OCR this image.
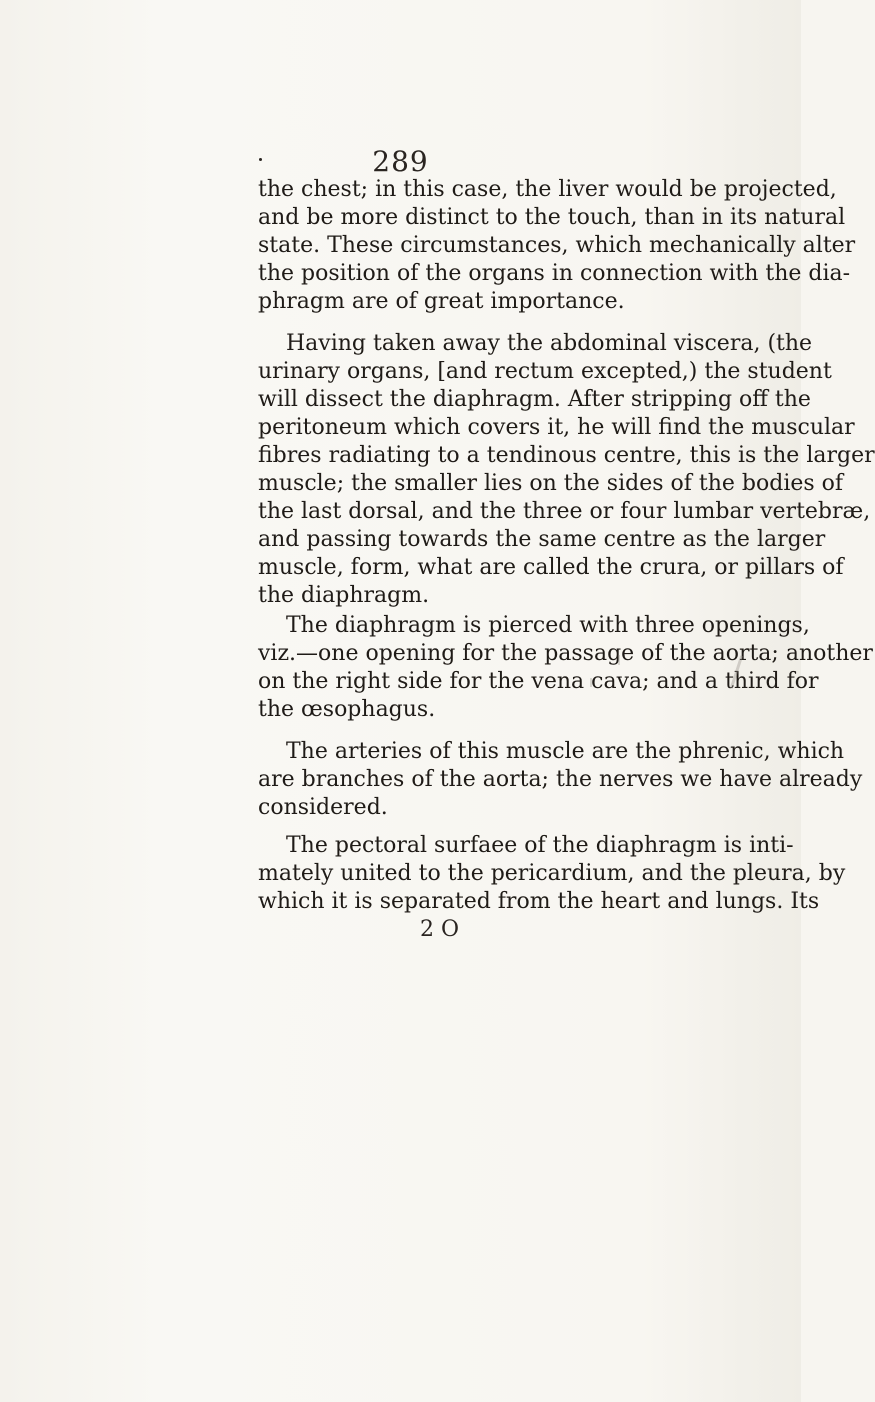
289
the chest; in this case, the liver would be projected,
and be more distinct to the touch, than in its natural
state. These circumstances, which mechanically alter
the position of the organs in connection with the dia-
phragm are of great importance.
Having taken away the abdominal viscera, (the
urinary organs, [and rectum excepted,) the student
will dissect the diaphragm. After stripping off the
peritoneum which covers it, he will find the muscular
fibres radiating to a tendinous centre, this is the larger
muscle; the smaller lies on the sides of the bodies of
the last dorsal, and the three or four lumbar vertebræ,
and passing towards the same centre as the larger
muscle, form, what are called the crura, or pillars of
the diaphragm.
The diaphragm is pierced with three openings,
viz.—one opening for the passage of the aorta; another
on the right side for the vena cava; and a third for
the œsophagus.
The arteries of this muscle are the phrenic, which
are branches of the aorta; the nerves we have already
considered.
The pectoral surfaee of the diaphragm is inti-
mately united to the pericardium, and the pleura, by
which it is separated from the heart and lungs. Its
2 O
